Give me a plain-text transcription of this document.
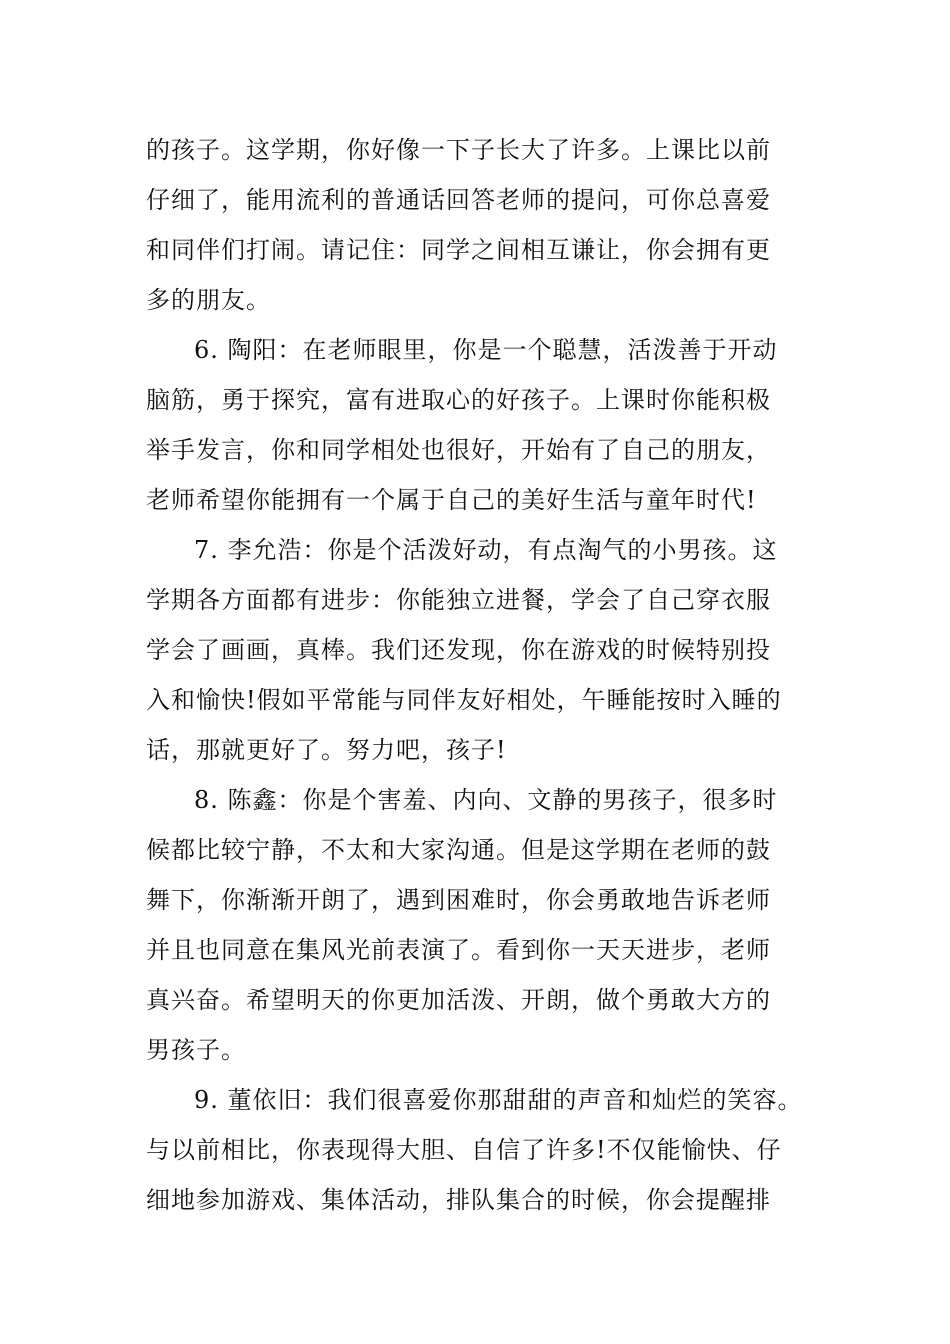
的孩子。这学期，你好像一下子长大了许多。上课比以前
仔细了，能用流利的普通话回答老师的提问，可你总喜爱
和同伴们打闹。请记住：同学之间相互谦让，你会拥有更
多的朋友。
6. 陶阳：在老师眼里，你是一个聪慧，活泼善于开动
脑筋，勇于探究，富有进取心的好孩子。上课时你能积极
举手发言，你和同学相处也很好，开始有了自己的朋友，
老师希望你能拥有一个属于自己的美好生活与童年时代!
7. 李允浩：你是个活泼好动，有点淘气的小男孩。这
学期各方面都有进步：你能独立进餐，学会了自己穿衣服
学会了画画，真棒。我们还发现，你在游戏的时候特别投
入和愉快!假如平常能与同伴友好相处，午睡能按时入睡的
话，那就更好了。努力吧，孩子!
8. 陈鑫：你是个害羞、内向、文静的男孩子，很多时
候都比较宁静，不太和大家沟通。但是这学期在老师的鼓
舞下，你渐渐开朗了，遇到困难时，你会勇敢地告诉老师
并且也同意在集风光前表演了。看到你一天天进步，老师
真兴奋。希望明天的你更加活泼、开朗，做个勇敢大方的
男孩子。
9. 董依旧：我们很喜爱你那甜甜的声音和灿烂的笑容。
与以前相比，你表现得大胆、自信了许多!不仅能愉快、仔
细地参加游戏、集体活动，排队集合的时候，你会提醒排
